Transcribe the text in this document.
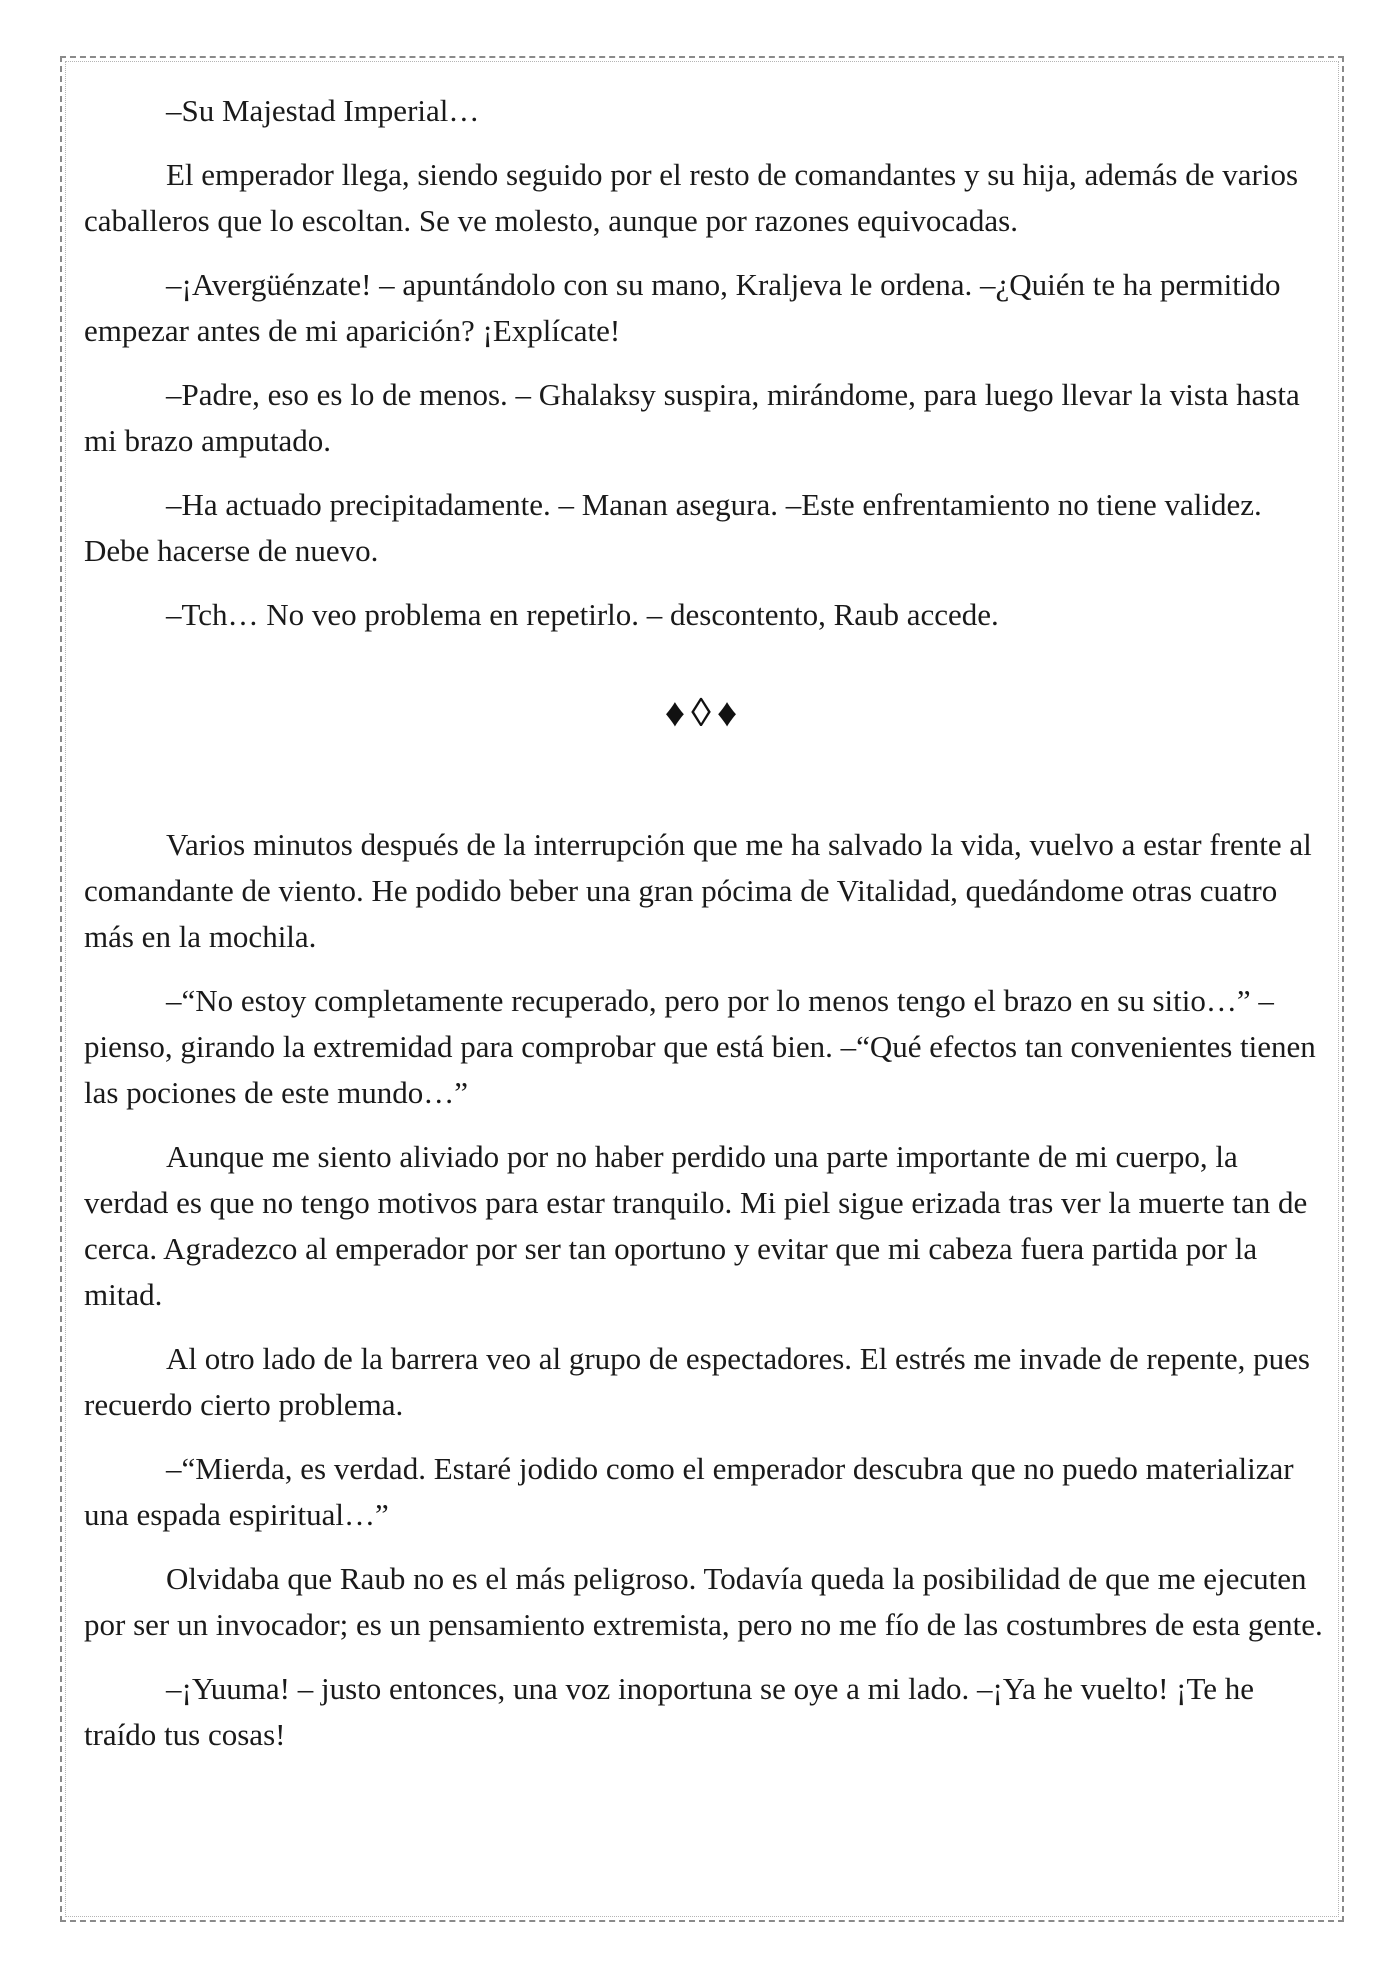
–Su Majestad Imperial…

El emperador llega, siendo seguido por el resto de comandantes y su hija, además de varios caballeros que lo escoltan. Se ve molesto, aunque por razones equivocadas.

–¡Avergüénzate! – apuntándolo con su mano, Kraljeva le ordena. –¿Quién te ha permitido empezar antes de mi aparición? ¡Explícate!

–Padre, eso es lo de menos. – Ghalaksy suspira, mirándome, para luego llevar la vista hasta mi brazo amputado.

–Ha actuado precipitadamente. – Manan asegura. –Este enfrentamiento no tiene validez. Debe hacerse de nuevo.

–Tch… No veo problema en repetirlo. – descontento, Raub accede.

♦◊♦

Varios minutos después de la interrupción que me ha salvado la vida, vuelvo a estar frente al comandante de viento. He podido beber una gran pócima de Vitalidad, quedándome otras cuatro más en la mochila.

–“No estoy completamente recuperado, pero por lo menos tengo el brazo en su sitio…” – pienso, girando la extremidad para comprobar que está bien. –“Qué efectos tan convenientes tienen las pociones de este mundo…”

Aunque me siento aliviado por no haber perdido una parte importante de mi cuerpo, la verdad es que no tengo motivos para estar tranquilo. Mi piel sigue erizada tras ver la muerte tan de cerca. Agradezco al emperador por ser tan oportuno y evitar que mi cabeza fuera partida por la mitad.

Al otro lado de la barrera veo al grupo de espectadores. El estrés me invade de repente, pues recuerdo cierto problema.

–“Mierda, es verdad. Estaré jodido como el emperador descubra que no puedo materializar una espada espiritual…”

Olvidaba que Raub no es el más peligroso. Todavía queda la posibilidad de que me ejecuten por ser un invocador; es un pensamiento extremista, pero no me fío de las costumbres de esta gente.

–¡Yuuma! – justo entonces, una voz inoportuna se oye a mi lado. –¡Ya he vuelto! ¡Te he traído tus cosas!
